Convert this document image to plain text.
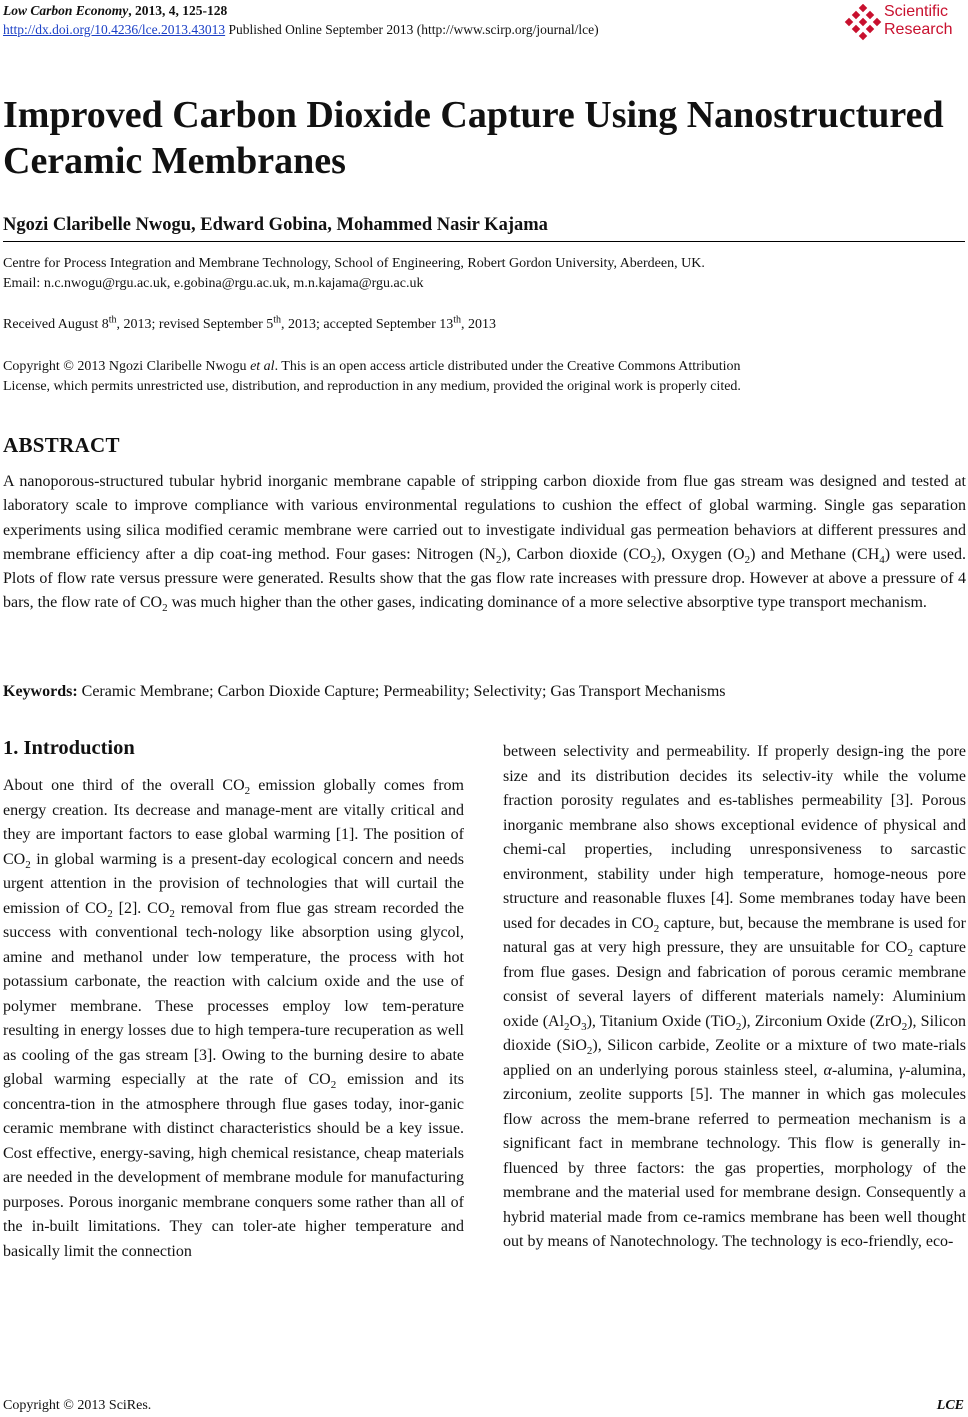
Low Carbon Economy, 2013, 4, 125-128
http://dx.doi.org/10.4236/lce.2013.43013 Published Online September 2013 (http://www.scirp.org/journal/lce)
Scientific
Research
Improved Carbon Dioxide Capture Using Nanostructured Ceramic Membranes
Ngozi Claribelle Nwogu, Edward Gobina, Mohammed Nasir Kajama
Centre for Process Integration and Membrane Technology, School of Engineering, Robert Gordon University, Aberdeen, UK.
Email: n.c.nwogu@rgu.ac.uk, e.gobina@rgu.ac.uk, m.n.kajama@rgu.ac.uk
Received August 8th, 2013; revised September 5th, 2013; accepted September 13th, 2013
Copyright © 2013 Ngozi Claribelle Nwogu et al. This is an open access article distributed under the Creative Commons Attribution
License, which permits unrestricted use, distribution, and reproduction in any medium, provided the original work is properly cited.
ABSTRACT

A nanoporous-structured tubular hybrid inorganic membrane capable of stripping carbon dioxide from flue gas stream was designed and tested at laboratory scale to improve compliance with various environmental regulations to cushion the effect of global warming. Single gas separation experiments using silica modified ceramic membrane were carried out to investigate individual gas permeation behaviors at different pressures and membrane efficiency after a dip coat-ing method. Four gases: Nitrogen $(N_2)$, Carbon dioxide $(CO_2)$, Oxygen $(O_2)$ and Methane $(CH_4)$ were used. Plots of flow rate versus pressure were generated. Results show that the gas flow rate increases with pressure drop. However at above a pressure of 4 bars, the flow rate of $CO_2$ was much higher than the other gases, indicating dominance of a more selective absorptive type transport mechanism.

Keywords: Ceramic Membrane; Carbon Dioxide Capture; Permeability; Selectivity; Gas Transport Mechanisms
1. Introduction

About one third of the overall $CO_2$ emission globally comes from energy creation. Its decrease and manage-ment are vitally critical and they are important factors to ease global warming [1]. The position of $CO_2$ in global warming is a present-day ecological concern and needs urgent attention in the provision of technologies that will curtail the emission of $CO_2$ [2]. $CO_2$ removal from flue gas stream recorded the success with conventional tech-nology like absorption using glycol, amine and methanol under low temperature, the process with hot potassium carbonate, the reaction with calcium oxide and the use of polymer membrane. These processes employ low tem-perature resulting in energy losses due to high tempera-ture recuperation as well as cooling of the gas stream [3]. Owing to the burning desire to abate global warming especially at the rate of $CO_2$ emission and its concentra-tion in the atmosphere through flue gases today, inor-ganic ceramic membrane with distinct characteristics should be a key issue. Cost effective, energy-saving, high chemical resistance, cheap materials are needed in the development of membrane module for manufacturing purposes. Porous inorganic membrane conquers some rather than all of the in-built limitations. They can toler-ate higher temperature and basically limit the connection

between selectivity and permeability. If properly design-ing the pore size and its distribution decides its selectiv-ity while the volume fraction porosity regulates and es-tablishes permeability [3]. Porous inorganic membrane also shows exceptional evidence of physical and chemi-cal properties, including unresponsiveness to sarcastic environment, stability under high temperature, homoge-neous pore structure and reasonable fluxes [4]. Some membranes today have been used for decades in $CO_2$ capture, but, because the membrane is used for natural gas at very high pressure, they are unsuitable for $CO_2$ capture from flue gases. Design and fabrication of porous ceramic membrane consist of several layers of different materials namely: Aluminium oxide $(Al_2O_3)$, Titanium Oxide (TiO$_2$), Zirconium Oxide (ZrO$_2$), Silicon dioxide (SiO$_2$), Silicon carbide, Zeolite or a mixture of two mate-rials applied on an underlying porous stainless steel, α-alumina, γ-alumina, zirconium, zeolite supports [5]. The manner in which gas molecules flow across the mem-brane referred to permeation mechanism is a significant fact in membrane technology. This flow is generally in-fluenced by three factors: the gas properties, morphology of the membrane and the material used for membrane design. Consequently a hybrid material made from ce-ramics membrane has been well thought out by means of Nanotechnology. The technology is eco-friendly, eco-

Copyright © 2013 SciRes.	LCE
